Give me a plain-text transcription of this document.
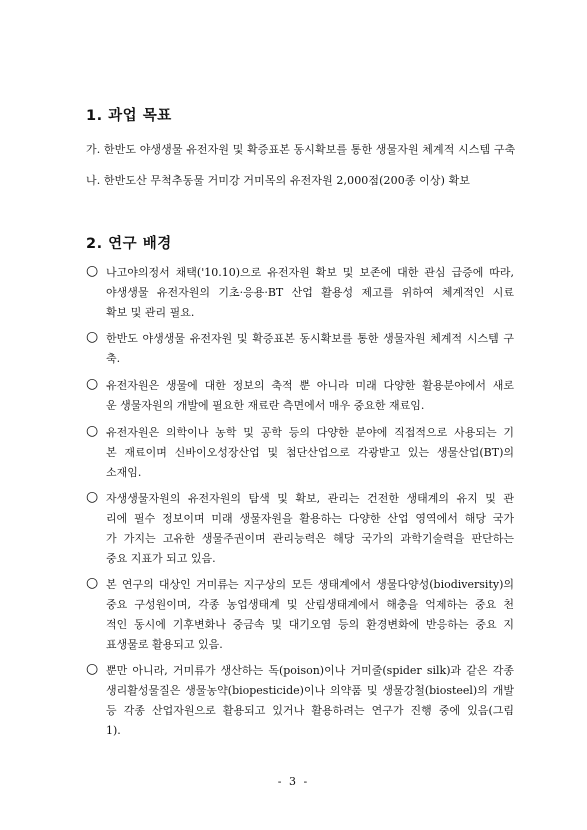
1. 과업 목표
가. 한반도 야생생물 유전자원 및 확증표본 동시확보를 통한 생물자원 체계적 시스템 구축
나. 한반도산 무척추동물 거미강 거미목의 유전자원 2,000점(200종 이상) 확보
2. 연구 배경
○ 나고야의정서 채택('10.10)으로 유전자원 확보 및 보존에 대한 관심 급증에 따라,
야생생물 유전자원의 기초·응용·BT 산업 활용성 제고를 위하여 체계적인 시료
확보 및 관리 필요.
○ 한반도 야생생물 유전자원 및 확증표본 동시확보를 통한 생물자원 체계적 시스템 구
축.
○ 유전자원은 생물에 대한 정보의 축적 뿐 아니라 미래 다양한 활용분야에서 새로
운 생물자원의 개발에 필요한 재료란 측면에서 매우 중요한 재료임.
○ 유전자원은 의학이나 농학 및 공학 등의 다양한 분야에 직접적으로 사용되는 기
본 재료이며 신바이오성장산업 및 첨단산업으로 각광받고 있는 생물산업(BT)의
소재임.
○ 자생생물자원의 유전자원의 탐색 및 확보, 관리는 건전한 생태계의 유지 및 관
리에 필수 정보이며 미래 생물자원을 활용하는 다양한 산업 영역에서 해당 국가
가 가지는 고유한 생물주권이며 관리능력은 해당 국가의 과학기술력을 판단하는
중요 지표가 되고 있음.
○ 본 연구의 대상인 거미류는 지구상의 모든 생태계에서 생물다양성(biodiversity)의
중요 구성원이며, 각종 농업생태계 및 산림생태계에서 해충을 억제하는 중요 천
적인 동시에 기후변화나 중금속 및 대기오염 등의 환경변화에 반응하는 중요 지
표생물로 활용되고 있음.
○ 뿐만 아니라, 거미류가 생산하는 독(poison)이나 거미줄(spider silk)과 같은 각종
생리활성물질은 생물농약(biopesticide)이나 의약품 및 생물강철(biosteel)의 개발
등 각종 산업자원으로 활용되고 있거나 활용하려는 연구가 진행 중에 있음(그림
1).
- 3 -
